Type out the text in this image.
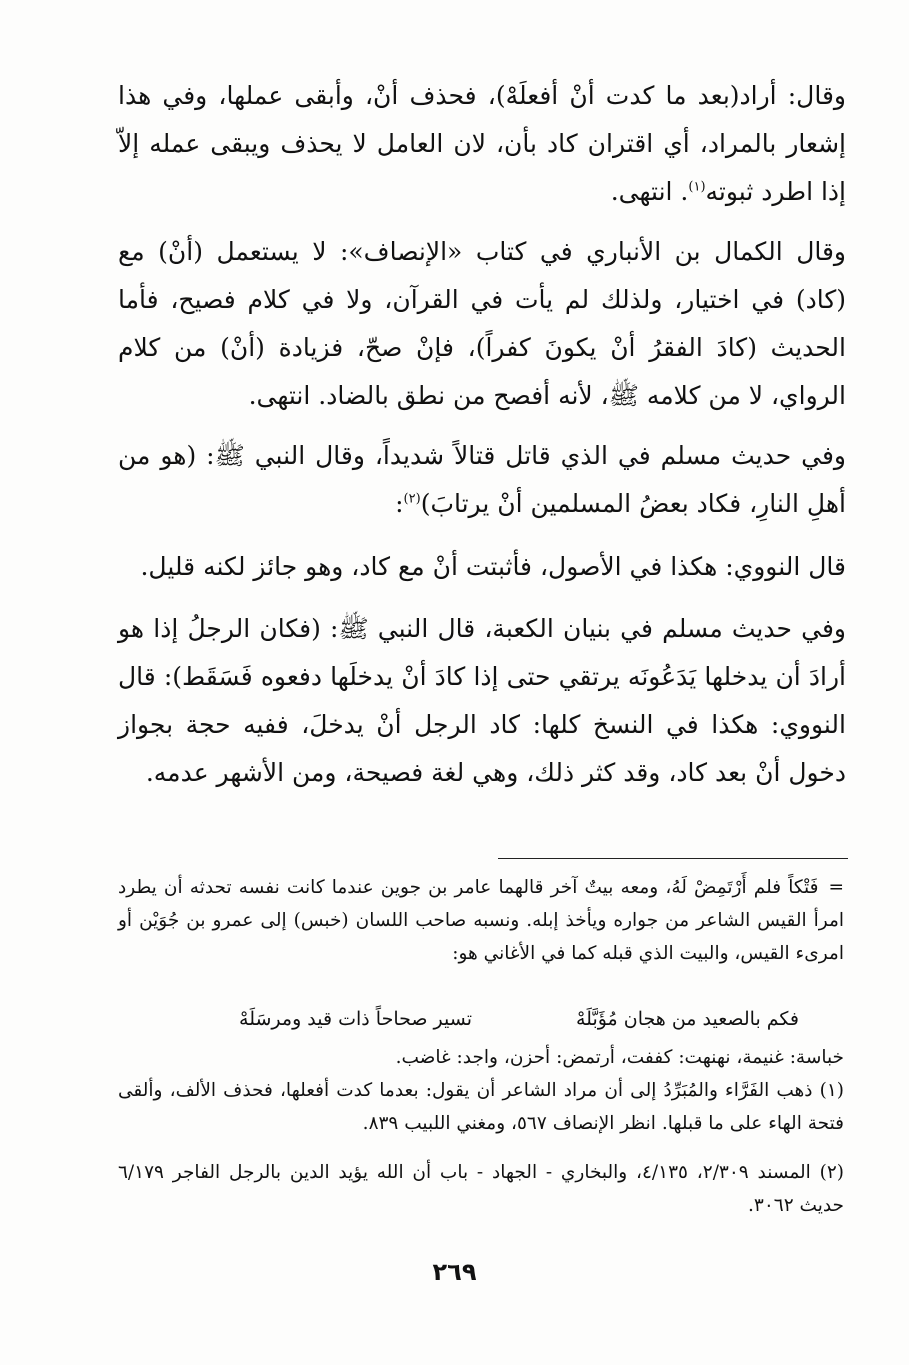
وقال: أراد(بعد ما كدت أنْ أفعلَهْ)، فحذف أنْ، وأبقى عملها، وفي هذا إشعار بالمراد، أي اقتران كاد بأن، لان العامل لا يحذف ويبقى عمله إلاّ إذا اطرد ثبوته$^{(١)}$. انتهى.

وقال الكمال بن الأنباري في كتاب «الإنصاف»: لا يستعمل (أنْ) مع (كاد) في اختيار، ولذلك لم يأت في القرآن، ولا في كلام فصيح، فأما الحديث (كادَ الفقرُ أنْ يكونَ كفراً)، فإنْ صحّ، فزيادة (أنْ) من كلام الرواي، لا من كلامه ﷺ، لأنه أفصح من نطق بالضاد. انتهى.

وفي حديث مسلم في الذي قاتل قتالاً شديداً، وقال النبي ﷺ: (هو من أهلِ النارِ، فكاد بعضُ المسلمين أنْ يرتابَ)$^{(٢)}$:

قال النووي: هكذا في الأصول، فأثبتت أنْ مع كاد، وهو جائز لكنه قليل.

وفي حديث مسلم في بنيان الكعبة، قال النبي ﷺ: (فكان الرجلُ إذا هو أرادَ أن يدخلها يَدَعُونَه يرتقي حتى إذا كادَ أنْ يدخلَها دفعوه فَسَقَط): قال النووي: هكذا في النسخ كلها: كاد الرجل أنْ يدخلَ، ففيه حجة بجواز دخول أنْ بعد كاد، وقد كثر ذلك، وهي لغة فصيحة، ومن الأشهر عدمه.

=فَتْكاً فلم أَرْتَمِضْ لَهُ، ومعه بيتٌ آخر قالهما عامر بن جوين عندما كانت نفسه تحدثه أن يطرد امرأ القيس الشاعر من جواره ويأخذ إبله. ونسبه صاحب اللسان (خبس) إلى عمرو بن جُوَيْن أو امرىء القيس، والبيت الذي قبله كما في الأغاني هو:

فكم بالصعيد من هجان مُؤَبَّلَهْ
تسير صحاحاً ذات قيد ومرسَلَهْ

خباسة: غنيمة، نهنهت: كففت، أرتمض: أحزن، واجد: غاضب.

(١) ذهب الفَرَّاء والمُبَرِّدُ إلى أن مراد الشاعر أن يقول: بعدما كدت أفعلها، فحذف الألف، وألقى فتحة الهاء على ما قبلها. انظر الإنصاف ٥٦٧، ومغني اللبيب ٨٣٩.

(٢) المسند ٢/٣٠٩، ٤/١٣٥، والبخاري - الجهاد - باب أن الله يؤيد الدين بالرجل الفاجر ٦/١٧٩ حديث ٣٠٦٢.

٢٦٩
